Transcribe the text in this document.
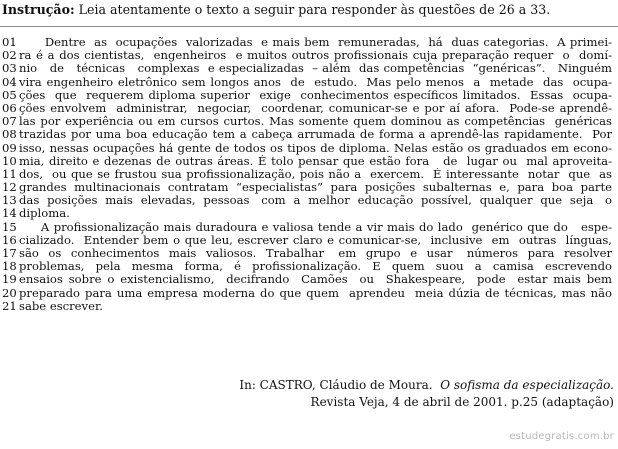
Instrução: Leia atentamente o texto a seguir para responder às questões de 26 a 33.
01 Dentre  as  ocupações  valorizadas  e mais bem  remuneradas,  há  duas categorias.  A primei-
02 ra é a dos cientistas,  engenheiros  e muitos outros profissionais cuja preparação requer  o  domí-
03 nio   de   técnicas   complexas  e especializadas  – além  das competências  “genéricas”.   Ninguém
04 vira engenheiro eletrônico sem longos anos  de  estudo.  Mas pelo menos  a  metade  das  ocupa-
05 ções  que  requerem diploma superior  exige  conhecimentos específicos limitados.  Essas  ocupa-
06 ções envolvem  administrar,  negociar,  coordenar, comunicar-se e por aí afora.  Pode-se aprendê-
07 las por experiência ou em cursos curtos. Mas somente quem dominou as competências  genéricas
08 trazidas por uma boa educação tem a cabeça arrumada de forma a aprendê-las rapidamente.  Por
09 isso, nessas ocupações há gente de todos os tipos de diploma. Nelas estão os graduados em econo-
10 mia, direito e dezenas de outras áreas. É tolo pensar que estão fora   de  lugar ou  mal aproveita-
11 dos,  ou que se frustou sua profissionalização, pois não a  exercem.  É interessante  notar  que  as
12 grandes  multinacionais  contratam  “especialistas”  para  posições  subalternas  e,  para  boa  parte
13 das  posições  mais  elevadas,  pessoas   com  a  melhor  educação  possível,  qualquer  que  seja   o
14 diploma.
15 A profissionalização mais duradoura e valiosa tende a vir mais do lado  genérico que do   espe-
16 cializado.  Entender bem o que leu, escrever claro e comunicar-se,  inclusive  em  outras  línguas,
17 são  os  conhecimentos  mais  valiosos.  Trabalhar   em  grupo  e  usar   números  para  resolver
18 problemas,  pela  mesma  forma,  é  profissionalização.  E  quem  suou  a  camisa  escrevendo
19 ensaios sobre o existencialismo,  decifrando  Camões  ou  Shakespeare,  pode  estar mais bem
20 preparado para uma empresa moderna do que quem  aprendeu  meia dúzia de técnicas, mas não
21 sabe escrever.
In: CASTRO, Cláudio de Moura. O sofisma da especialização.
Revista Veja, 4 de abril de 2001. p.25 (adaptação)
estudegratis.com.br
